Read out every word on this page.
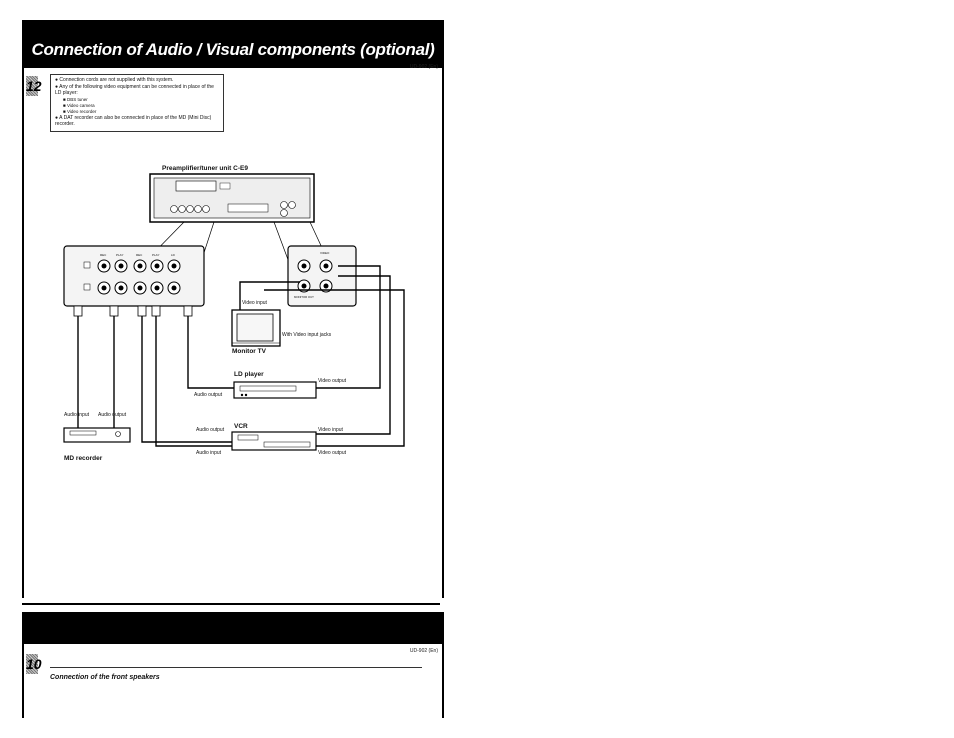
Connection of Audio / Visual components (optional)
UD-902 (En)
12	● Connection cords are not supplied with this system.

● Any of the following video equipment can be connected in place of the LD player:

■ DBS tuner

■ Video camera

■ Video recorder

● A DAT recorder can also be connected in place of the MD (Mini Disc) recorder.

Preamplifier/tuner unit C-E9
REC	PLAY	REC	PLAY	LD
MONITOR OUT
VIDEO
Video input
With Video input jacks
Monitor TV
LD player
Audio output
Video output
VCR
Audio output
Audio input
Video input
Video output
Audio input Audio output
MD recorder
UD-902 (En)
10
Connection of the front speakers
